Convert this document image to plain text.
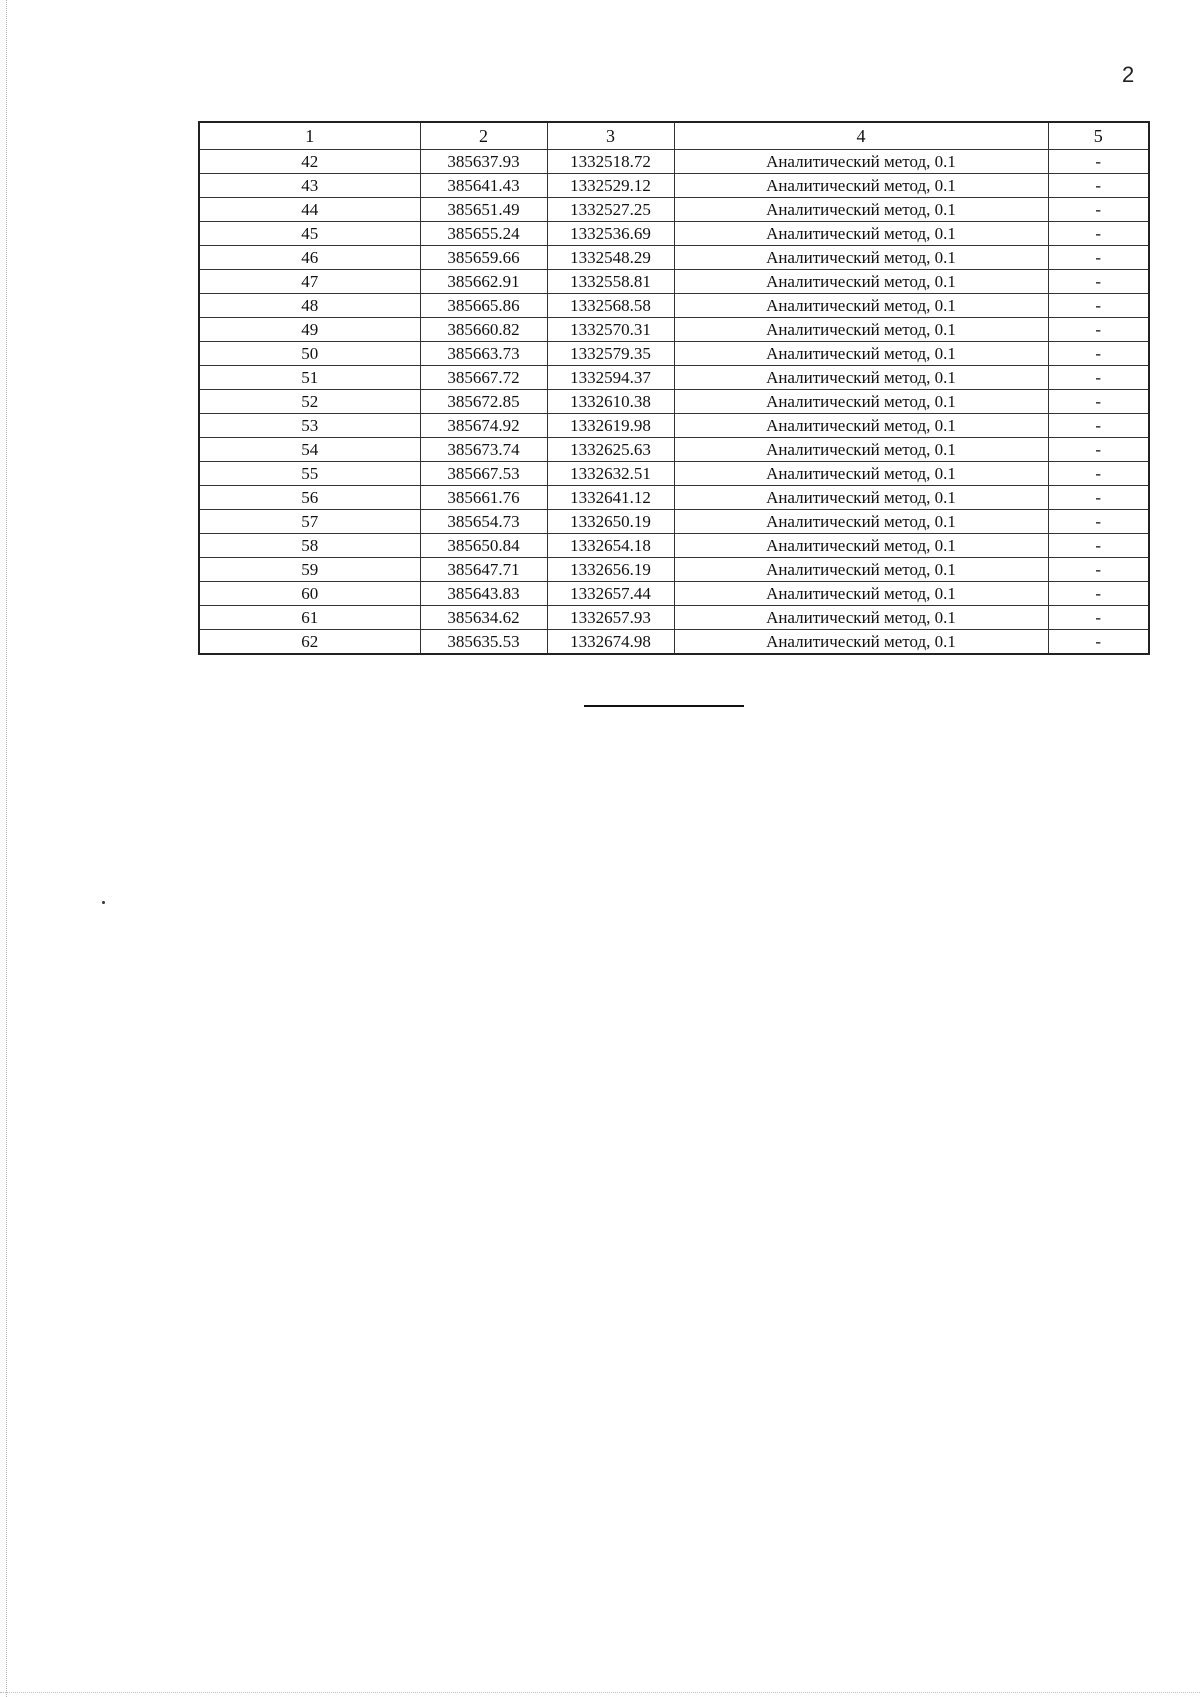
2
1	2	3	4	5
42	385637.93	1332518.72	Аналитический метод, 0.1	-
43	385641.43	1332529.12	Аналитический метод, 0.1	-
44	385651.49	1332527.25	Аналитический метод, 0.1	-
45	385655.24	1332536.69	Аналитический метод, 0.1	-
46	385659.66	1332548.29	Аналитический метод, 0.1	-
47	385662.91	1332558.81	Аналитический метод, 0.1	-
48	385665.86	1332568.58	Аналитический метод, 0.1	-
49	385660.82	1332570.31	Аналитический метод, 0.1	-
50	385663.73	1332579.35	Аналитический метод, 0.1	-
51	385667.72	1332594.37	Аналитический метод, 0.1	-
52	385672.85	1332610.38	Аналитический метод, 0.1	-
53	385674.92	1332619.98	Аналитический метод, 0.1	-
54	385673.74	1332625.63	Аналитический метод, 0.1	-
55	385667.53	1332632.51	Аналитический метод, 0.1	-
56	385661.76	1332641.12	Аналитический метод, 0.1	-
57	385654.73	1332650.19	Аналитический метод, 0.1	-
58	385650.84	1332654.18	Аналитический метод, 0.1	-
59	385647.71	1332656.19	Аналитический метод, 0.1	-
60	385643.83	1332657.44	Аналитический метод, 0.1	-
61	385634.62	1332657.93	Аналитический метод, 0.1	-
62	385635.53	1332674.98	Аналитический метод, 0.1	-
